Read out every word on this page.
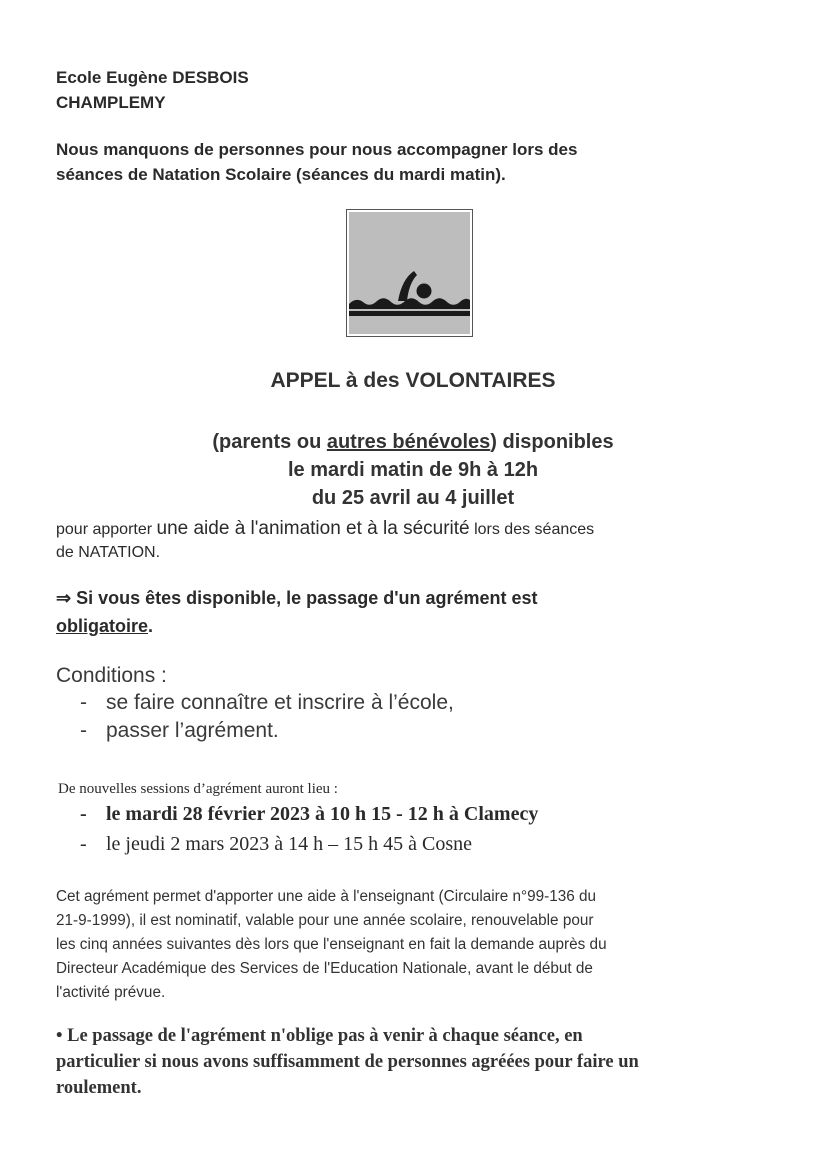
Ecole Eugène DESBOIS
CHAMPLEMY
Nous manquons de personnes pour nous accompagner lors des
séances de Natation Scolaire (séances du mardi matin).
APPEL à des VOLONTAIRES
(parents ou autres bénévoles) disponibles
le mardi matin de 9h à 12h
du 25 avril au 4 juillet
pour apporter une aide à l'animation et à la sécurité lors des séances
de NATATION.
⇒ Si vous êtes disponible, le passage d'un agrément est
obligatoire.
Conditions :
- se faire connaître et inscrire à l’école,
- passer l’agrément.
De nouvelles sessions d’agrément auront lieu :
- le mardi 28 février 2023 à 10 h 15 - 12 h à Clamecy
- le jeudi 2 mars 2023 à 14 h – 15 h 45 à Cosne
Cet agrément permet d'apporter une aide à l'enseignant (Circulaire n°99-136 du
21-9-1999), il est nominatif, valable pour une année scolaire, renouvelable pour
les cinq années suivantes dès lors que l'enseignant en fait la demande auprès du
Directeur Académique des Services de l'Education Nationale, avant le début de
l'activité prévue.
• Le passage de l'agrément n'oblige pas à venir à chaque séance, en
particulier si nous avons suffisamment de personnes agréées pour faire un
roulement.
